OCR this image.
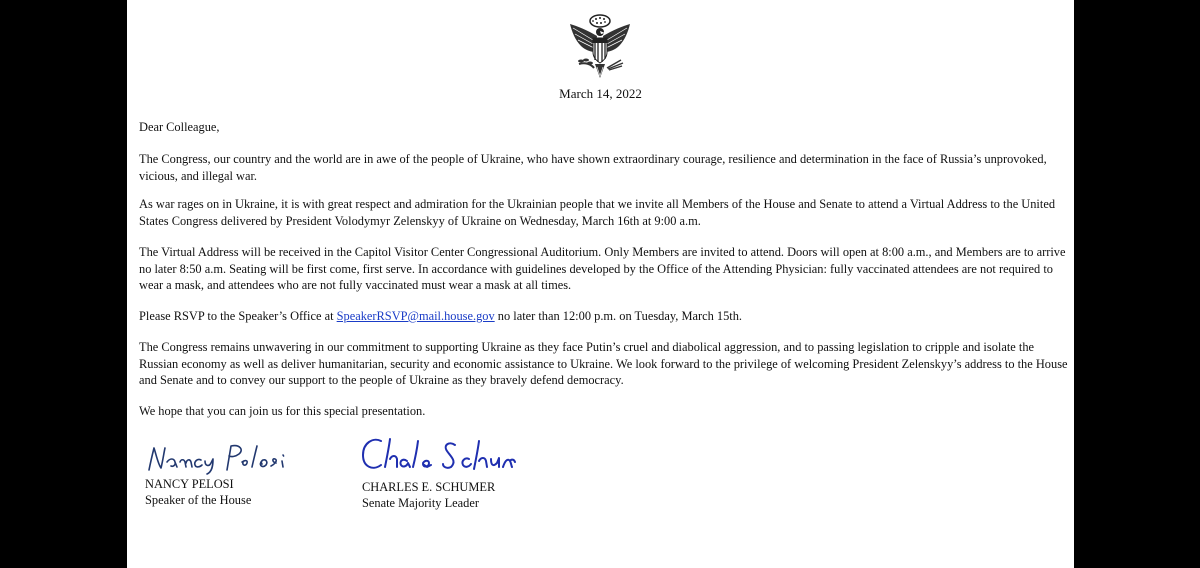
March 14, 2022
Dear Colleague,
The Congress, our country and the world are in awe of the people of Ukraine, who have shown extraordinary courage, resilience and determination in the face of Russia’s unprovoked, vicious, and illegal war.
As war rages on in Ukraine, it is with great respect and admiration for the Ukrainian people that we invite all Members of the House and Senate to attend a Virtual Address to the United States Congress delivered by President Volodymyr Zelenskyy of Ukraine on Wednesday, March 16th at 9:00 a.m.
The Virtual Address will be received in the Capitol Visitor Center Congressional Auditorium. Only Members are invited to attend. Doors will open at 8:00 a.m., and Members are to arrive no later 8:50 a.m. Seating will be first come, first serve. In accordance with guidelines developed by the Office of the Attending Physician: fully vaccinated attendees are not required to wear a mask, and attendees who are not fully vaccinated must wear a mask at all times.
Please RSVP to the Speaker’s Office at SpeakerRSVP@mail.house.gov no later than 12:00 p.m. on Tuesday, March 15th.
The Congress remains unwavering in our commitment to supporting Ukraine as they face Putin’s cruel and diabolical aggression, and to passing legislation to cripple and isolate the Russian economy as well as deliver humanitarian, security and economic assistance to Ukraine. We look forward to the privilege of welcoming President Zelenskyy’s address to the House and Senate and to convey our support to the people of Ukraine as they bravely defend democracy.
We hope that you can join us for this special presentation.
NANCY PELOSI
Speaker of the House
CHARLES E. SCHUMER
Senate Majority Leader
